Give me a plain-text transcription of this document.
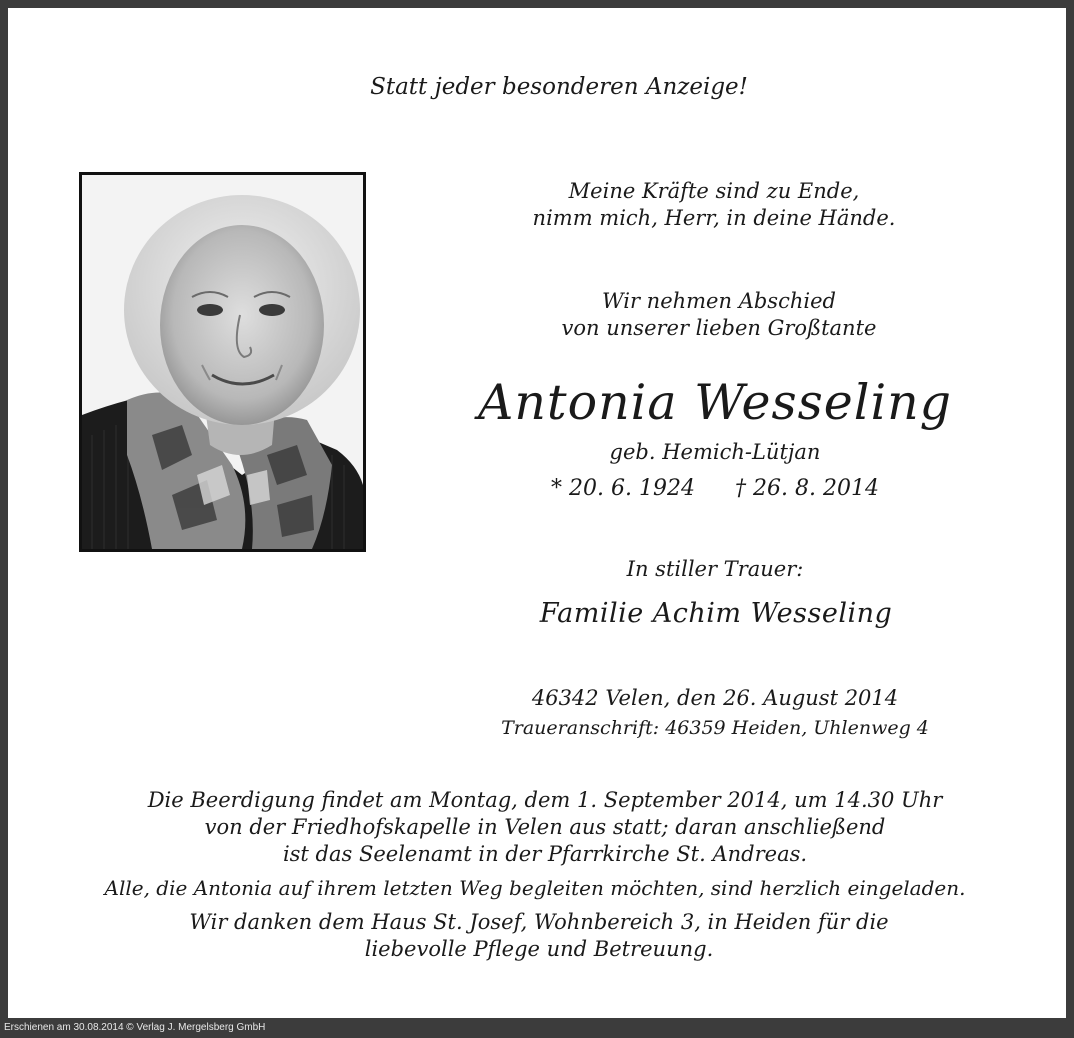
Statt jeder besonderen Anzeige!
Meine Kräfte sind zu Ende,
nimm mich, Herr, in deine Hände.
Wir nehmen Abschied
von unserer lieben Großtante
Antonia Wesseling
geb. Hemich-Lütjan
* 20. 6. 1924 † 26. 8. 2014
In stiller Trauer:
Familie Achim Wesseling
46342 Velen, den 26. August 2014
Traueranschrift: 46359 Heiden, Uhlenweg 4
Die Beerdigung findet am Montag, dem 1. September 2014, um 14.30 Uhr
von der Friedhofskapelle in Velen aus statt; daran anschließend
ist das Seelenamt in der Pfarrkirche St. Andreas.
Alle, die Antonia auf ihrem letzten Weg begleiten möchten, sind herzlich eingeladen.
Wir danken dem Haus St. Josef, Wohnbereich 3, in Heiden für die
liebevolle Pflege und Betreuung.
Erschienen am 30.08.2014 © Verlag J. Mergelsberg GmbH
